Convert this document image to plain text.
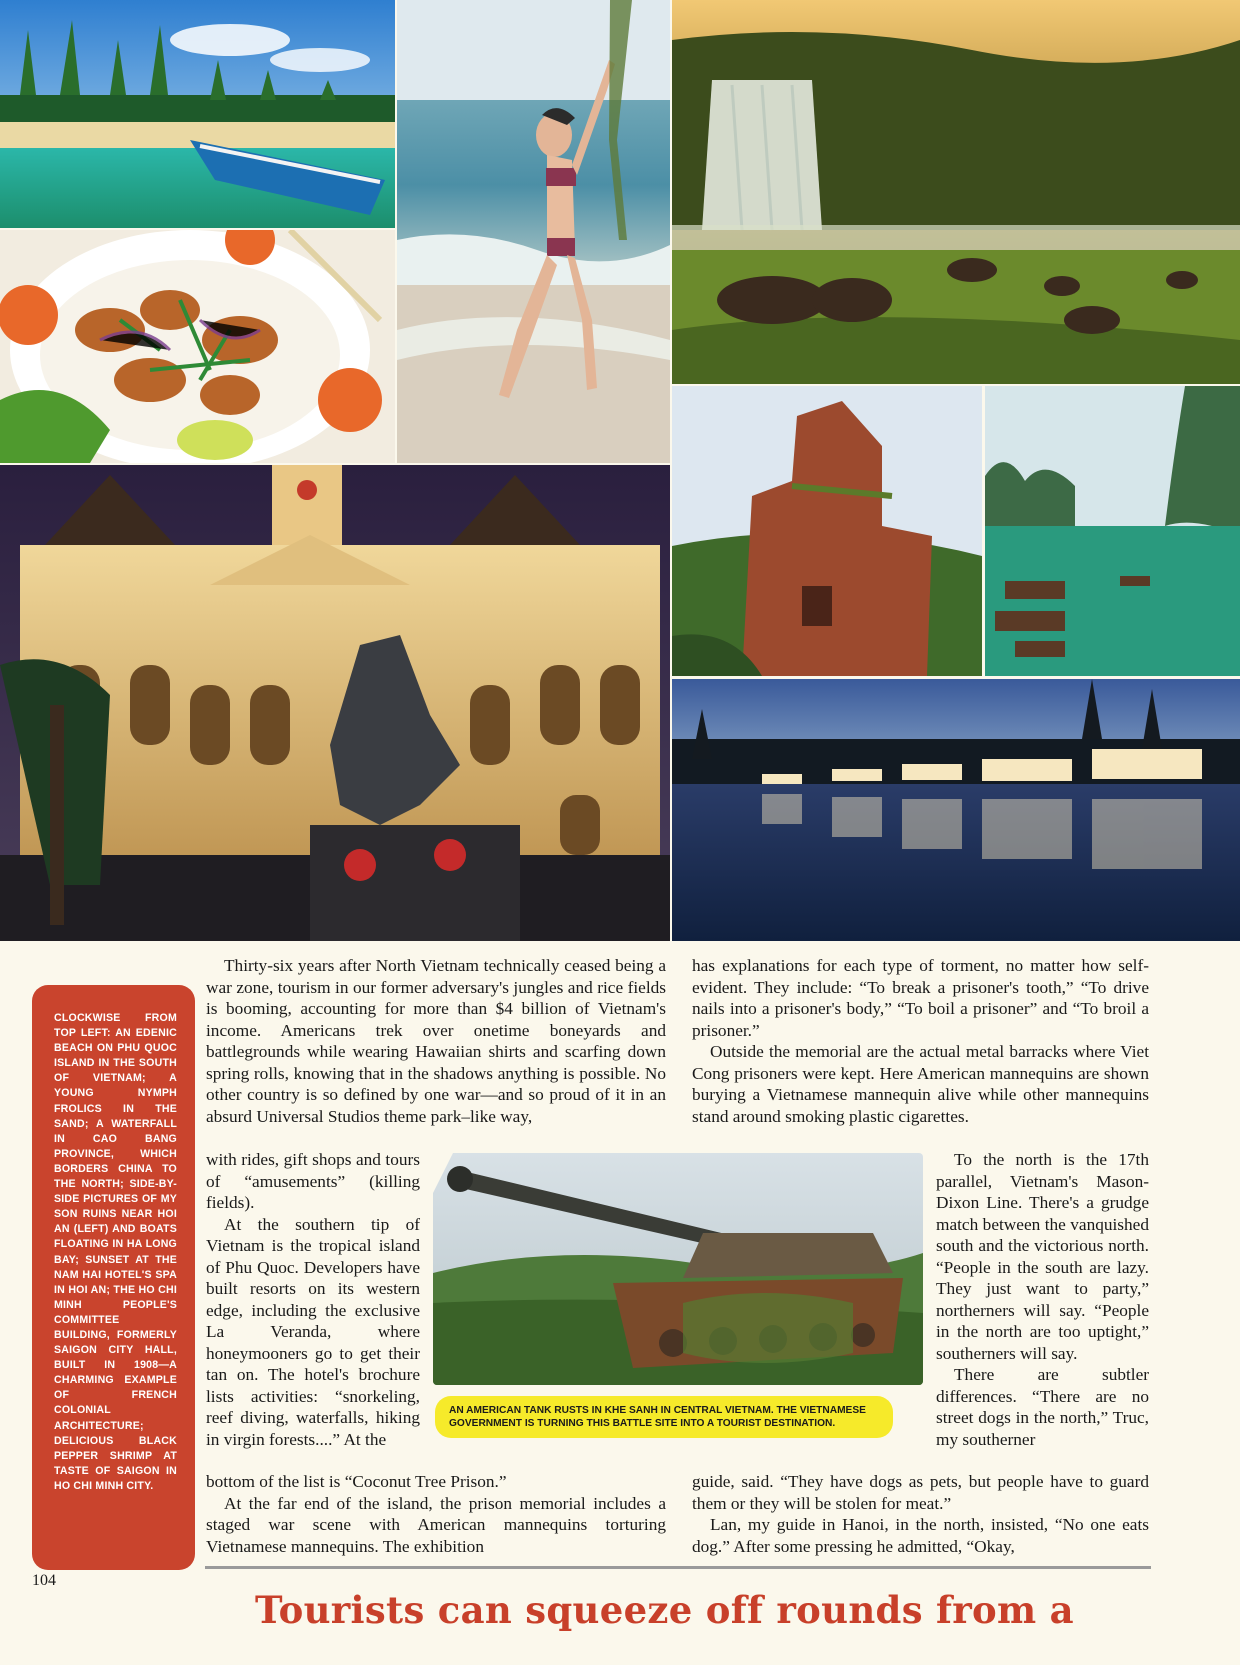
CLOCKWISE FROM TOP LEFT: AN EDENIC BEACH ON PHU QUOC ISLAND IN THE SOUTH OF VIETNAM; A YOUNG NYMPH FROLICS IN THE SAND; A WATERFALL IN CAO BANG PROVINCE, WHICH BORDERS CHINA TO THE NORTH; SIDE-BY-SIDE PICTURES OF MY SON RUINS NEAR HOI AN (LEFT) AND BOATS FLOATING IN HA LONG BAY; SUNSET AT THE NAM HAI HOTEL'S SPA IN HOI AN; THE HO CHI MINH PEOPLE'S COMMITTEE BUILDING, FORMERLY SAIGON CITY HALL, BUILT IN 1908—A CHARMING EXAMPLE OF FRENCH COLONIAL ARCHITECTURE; DELICIOUS BLACK PEPPER SHRIMP AT TASTE OF SAIGON IN HO CHI MINH CITY.

Thirty-six years after North Vietnam technically ceased being a war zone, tourism in our former adversary's jungles and rice fields is booming, accounting for more than $4 billion of Vietnam's income. Americans trek over onetime boneyards and battlegrounds while wearing Hawaiian shirts and scarfing down spring rolls, knowing that in the shadows anything is possible. No other country is so defined by one war—and so proud of it in an absurd Universal Studios theme park–like way,

with rides, gift shops and tours of “amusements” (killing fields).

At the southern tip of Vietnam is the tropical island of Phu Quoc. Developers have built resorts on its western edge, including the exclusive La Veranda, where honeymooners go to get their tan on. The hotel's brochure lists activities: “snorkeling, reef diving, waterfalls, hiking in virgin forests....” At the

bottom of the list is “Coconut Tree Prison.”

At the far end of the island, the prison memorial includes a staged war scene with American mannequins torturing Vietnamese mannequins. The exhibition

has explanations for each type of torment, no matter how self-evident. They include: “To break a prisoner's tooth,” “To drive nails into a prisoner's body,” “To boil a prisoner” and “To broil a prisoner.”

Outside the memorial are the actual metal barracks where Viet Cong prisoners were kept. Here American mannequins are shown burying a Vietnamese mannequin alive while other mannequins stand around smoking plastic cigarettes.

To the north is the 17th parallel, Vietnam's Mason-Dixon Line. There's a grudge match between the vanquished south and the victorious north. “People in the south are lazy. They just want to party,” northerners will say. “People in the north are too uptight,” southerners will say.

There are subtler differences. “There are no street dogs in the north,” Truc, my southerner

guide, said. “They have dogs as pets, but people have to guard them or they will be stolen for meat.”

Lan, my guide in Hanoi, in the north, insisted, “No one eats dog.” After some pressing he admitted, “Okay,

AN AMERICAN TANK RUSTS IN KHE SANH IN CENTRAL VIETNAM. THE VIETNAMESE GOVERNMENT IS TURNING THIS BATTLE SITE INTO A TOURIST DESTINATION.

104
Tourists can squeeze off rounds from a
